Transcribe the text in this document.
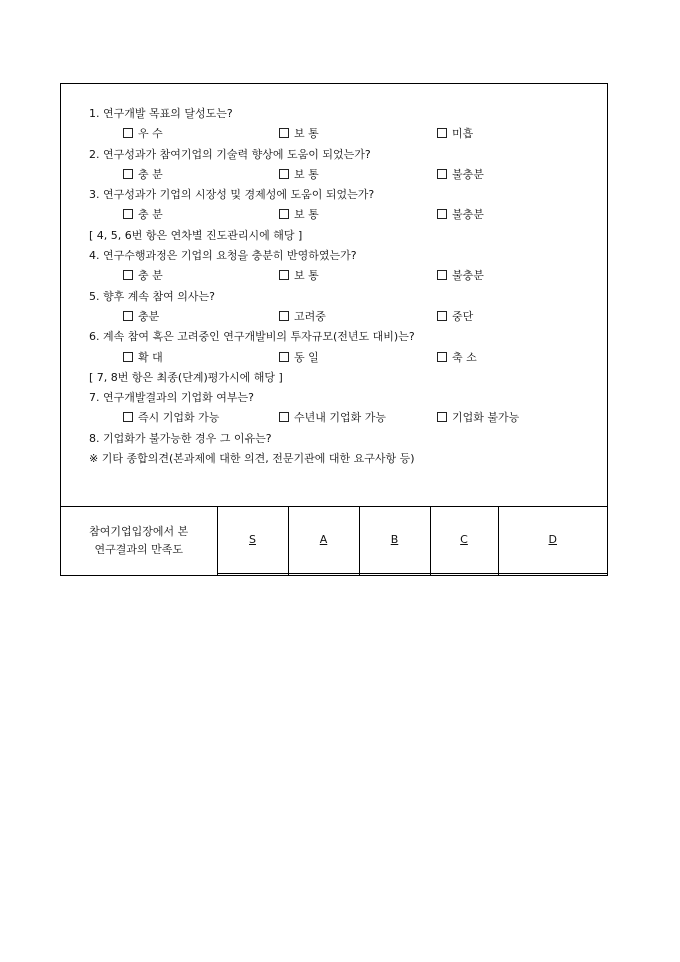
1. 연구개발 목표의 달성도는?
우 수	보 통	미흡
2. 연구성과가 참여기업의 기술력 향상에 도움이 되었는가?
충 분	보 통	불충분
3. 연구성과가 기업의 시장성 및 경제성에 도움이 되었는가?
충 분	보 통	불충분
[ 4, 5, 6번 항은 연차별 진도관리시에 해당 ]
4. 연구수행과정은 기업의 요청을 충분히 반영하였는가?
충 분	보 통	불충분
5. 향후 계속 참여 의사는?
충분	고려중	중단
6. 계속 참여 혹은 고려중인 연구개발비의 투자규모(전년도 대비)는?
확 대	동 일	축 소
[ 7, 8번 항은 최종(단계)평가시에 해당 ]
7. 연구개발결과의 기업화 여부는?
즉시 기업화 가능	수년내 기업화 가능	기업화 불가능
8. 기업화가 불가능한 경우 그 이유는?
※ 기타 종합의견(본과제에 대한 의견, 전문기관에 대한 요구사항 등)
참여기업입장에서 본
연구결과의 만족도	S	A	B	C	D
